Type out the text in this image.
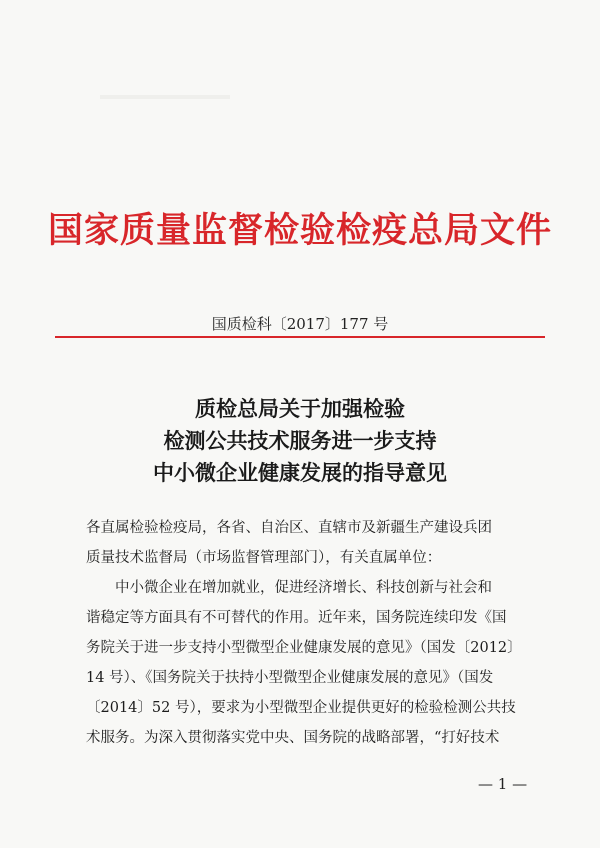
国家质量监督检验检疫总局文件
国质检科〔2017〕177 号
质检总局关于加强检验
检测公共技术服务进一步支持
中小微企业健康发展的指导意见
各直属检验检疫局，各省、自治区、直辖市及新疆生产建设兵团
质量技术监督局（市场监督管理部门），有关直属单位：
　　中小微企业在增加就业，促进经济增长、科技创新与社会和
谐稳定等方面具有不可替代的作用。近年来，国务院连续印发《国
务院关于进一步支持小型微型企业健康发展的意见》（国发〔2012〕
14 号）、《国务院关于扶持小型微型企业健康发展的意见》（国发
〔2014〕52 号），要求为小型微型企业提供更好的检验检测公共技
术服务。为深入贯彻落实党中央、国务院的战略部署，“打好技术
— 1 —
